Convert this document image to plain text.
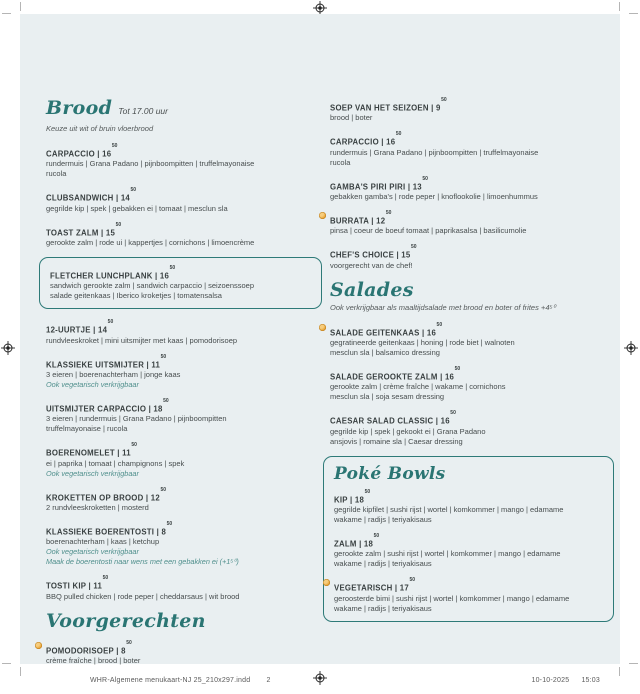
Brood Tot 17.00 uur
Keuze uit wit of bruin vloerbrood
CARPACCIO | $16^{50}$
rundermuis | Grana Padano | pijnboompitten | truffelmayonaise
rucola
CLUBSANDWICH | $14^{50}$
gegrilde kip | spek | gebakken ei | tomaat | mesclun sla
TOAST ZALM | $15^{50}$
gerookte zalm | rode ui | kappertjes | cornichons | limoencrème
FLETCHER LUNCHPLANK | $16^{50}$
sandwich gerookte zalm | sandwich carpaccio | seizoenssoep
salade geitenkaas | Iberico kroketjes | tomatensalsa
12-UURTJE | $14^{50}$
rundvleeskroket | mini uitsmijter met kaas | pomodorisoep
KLASSIEKE UITSMIJTER | $11^{50}$
3 eieren | boerenachterham | jonge kaas
Ook vegetarisch verkrijgbaar
UITSMIJTER CARPACCIO | $18^{50}$
3 eieren | rundermuis | Grana Padano | pijnboompitten
truffelmayonaise | rucola
BOERENOMELET | $11^{50}$
ei | paprika | tomaat | champignons | spek
Ook vegetarisch verkrijgbaar
KROKETTEN OP BROOD | $12^{50}$
2 rundvleeskroketten | mosterd
KLASSIEKE BOERENTOSTI | $8^{50}$
boerenachterham | kaas | ketchup
Ook vegetarisch verkrijgbaar
Maak de boerentosti naar wens met een gebakken ei (+1⁵⁰)
TOSTI KIP | $11^{50}$
BBQ pulled chicken | rode peper | cheddarsaus | wit brood
Voorgerechten
POMODORISOEP | $8^{50}$
crème fraîche | brood | boter
SOEP VAN HET SEIZOEN | $9^{50}$
brood | boter
CARPACCIO | $16^{50}$
rundermuis | Grana Padano | pijnboompitten | truffelmayonaise
rucola
GAMBA'S PIRI PIRI | $13^{50}$
gebakken gamba's | rode peper | knoflookolie | limoenhummus
BURRATA | $12^{50}$
pinsa | coeur de boeuf tomaat | paprikasalsa | basilicumolie
CHEF'S CHOICE | $15^{50}$
voorgerecht van de chef!
Salades
Ook verkrijgbaar als maaltijdsalade met brood en boter of frites +4⁵⁰
SALADE GEITENKAAS | $16^{50}$
gegratineerde geitenkaas | honing | rode biet | walnoten
mesclun sla | balsamico dressing
SALADE GEROOKTE ZALM | $16^{50}$
gerookte zalm | crème fraîche | wakame | cornichons
mesclun sla | soja sesam dressing
CAESAR SALAD CLASSIC | $16^{50}$
gegrilde kip | spek | gekookt ei | Grana Padano
ansjovis | romaine sla | Caesar dressing
Poké Bowls
KIP | $18^{50}$
gegrilde kipfilet | sushi rijst | wortel | komkommer | mango | edamame
wakame | radijs | teriyakisaus
ZALM | $18^{50}$
gerookte zalm | sushi rijst | wortel | komkommer | mango | edamame
wakame | radijs | teriyakisaus
VEGETARISCH | $17^{50}$
geroosterde bimi | sushi rijst | wortel | komkommer | mango | edamame
wakame | radijs | teriyakisaus
WHR-Algemene menukaart-NJ 25_210x297.indd 2	10-10-2025 15:03
